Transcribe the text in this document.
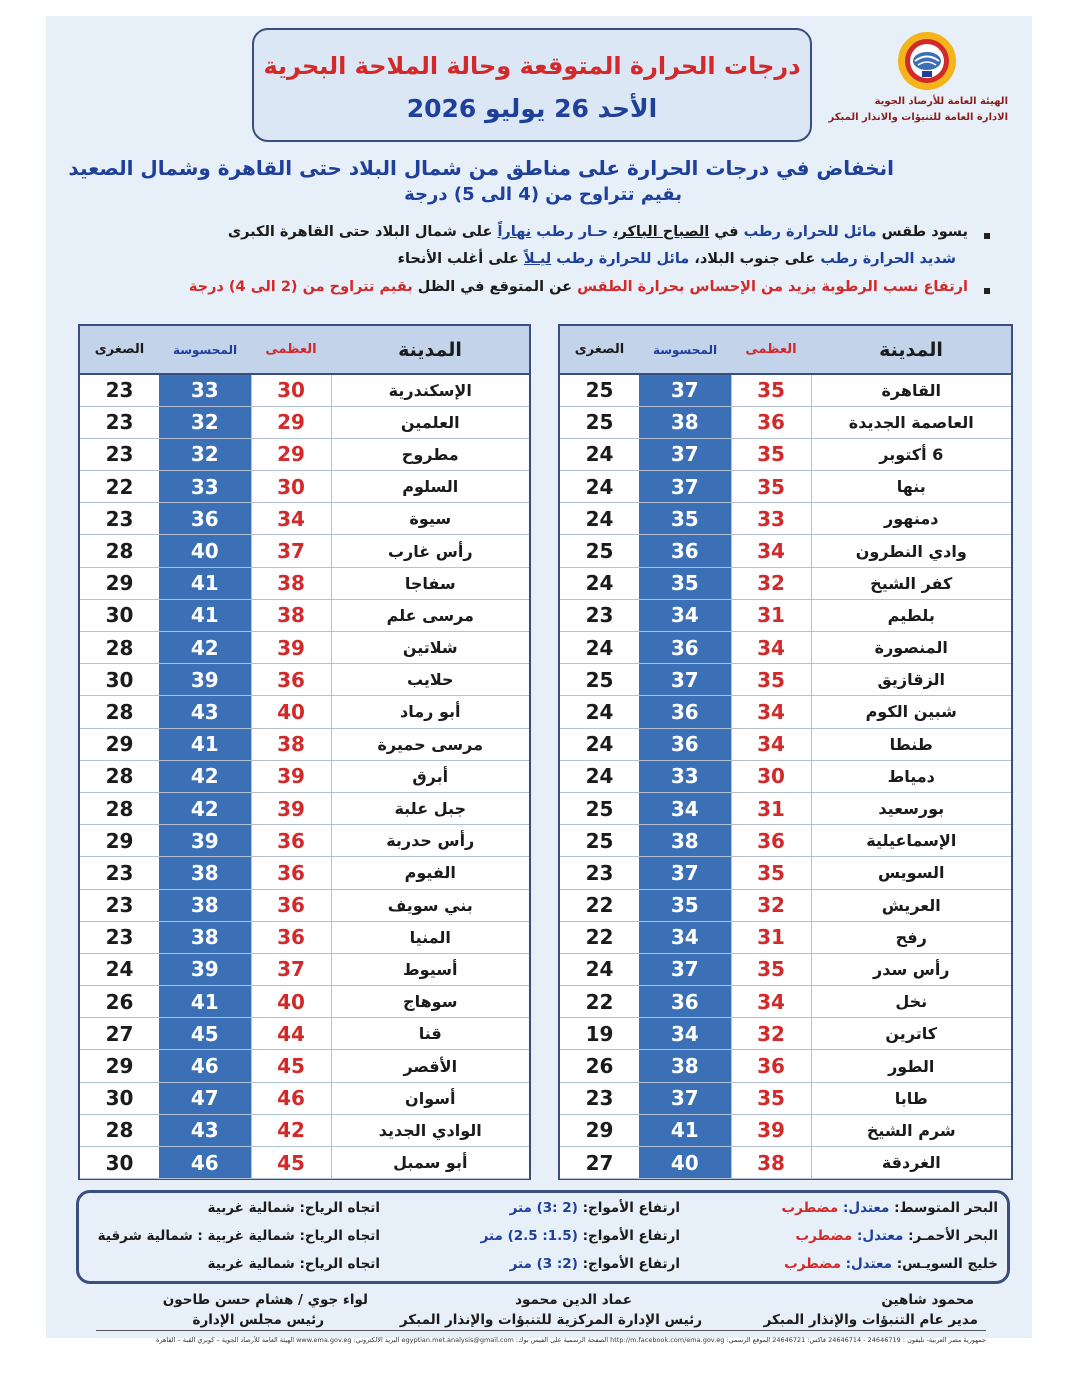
درجات الحرارة المتوقعة وحالة الملاحة البحرية
الأحد 26 يوليو 2026	الهيئة العامة للأرصاد الجوية
الادارة العامة للتنبؤات والانذار المبكر
انخفاض في درجات الحرارة على مناطق من شمال البلاد حتى القاهرة وشمال الصعيد
بقيم تتراوح من (4 الى 5) درجة
يسود طقس مائل للحرارة رطب في الصباح الباكر، حـار رطب نهاراً على شمال البلاد حتى القاهرة الكبرى
شديد الحرارة رطب على جنوب البلاد، مائل للحرارة رطب ليـلاً على أغلب الأنحاء
ارتفاع نسب الرطوبة يزيد من الإحساس بحرارة الطقس عن المتوقع في الظل بقيم تتراوح من (2 الى 4) درجة
المدينة	العظمى	المحسوسة	الصغرى
القاهرة	35	37	25
العاصمة الجديدة	36	38	25
6 أكتوبر	35	37	24
بنها	35	37	24
دمنهور	33	35	24
وادي النطرون	34	36	25
كفر الشيخ	32	35	24
بلطيم	31	34	23
المنصورة	34	36	24
الزقازيق	35	37	25
شبين الكوم	34	36	24
طنطا	34	36	24
دمياط	30	33	24
بورسعيد	31	34	25
الإسماعيلية	36	38	25
السويس	35	37	23
العريش	32	35	22
رفح	31	34	22
رأس سدر	35	37	24
نخل	34	36	22
كاترين	32	34	19
الطور	36	38	26
طابا	35	37	23
شرم الشيخ	39	41	29
الغردقة	38	40	27
المدينة	العظمى	المحسوسة	الصغرى
الإسكندرية	30	33	23
العلمين	29	32	23
مطروح	29	32	23
السلوم	30	33	22
سيوة	34	36	23
رأس غارب	37	40	28
سفاجا	38	41	29
مرسى علم	38	41	30
شلاتين	39	42	28
حلايب	36	39	30
أبو رماد	40	43	28
مرسى حميرة	38	41	29
أبرق	39	42	28
جبل علبة	39	42	28
رأس حدربة	36	39	29
الفيوم	36	38	23
بني سويف	36	38	23
المنيا	36	38	23
أسيوط	37	39	24
سوهاج	40	41	26
قنا	44	45	27
الأقصر	45	46	29
أسوان	46	47	30
الوادي الجديد	42	43	28
أبو سمبل	45	46	30
البحر المتوسط: معتدل: مضطرب
ارتفاع الأمواج: (2 :3) متر
اتجاه الرياح: شمالية غربية
البحر الأحمـر: معتدل: مضطرب
ارتفاع الأمواج: (1.5: 2.5) متر
اتجاه الرياح: شمالية غربية : شمالية شرقية
خليج السويـس: معتدل: مضطرب
ارتفاع الأمواج: (2: 3) متر
اتجاه الرياح: شمالية غربية
محمود شاهين
مدير عام التنبؤات والإنذار المبكر
عماد الدين محمود
رئيس الإدارة المركزية للتنبؤات والإنذار المبكر
لواء جوي / هشام حسن طاحون
رئيس مجلس الإدارة
جمهورية مصر العربية- تليفون : 24646719 - 24646714 فاكس: 24646721 الموقع الرسمي: http://m.facebook.com/ema.gov.eg الصفحة الرسمية على الفيس بوك: egyptian.met.analysis@gmail.com البريد الالكتروني: www.ema.gov.eg الهيئة العامة للأرصاد الجوية – كوبري القبة – القاهرة
